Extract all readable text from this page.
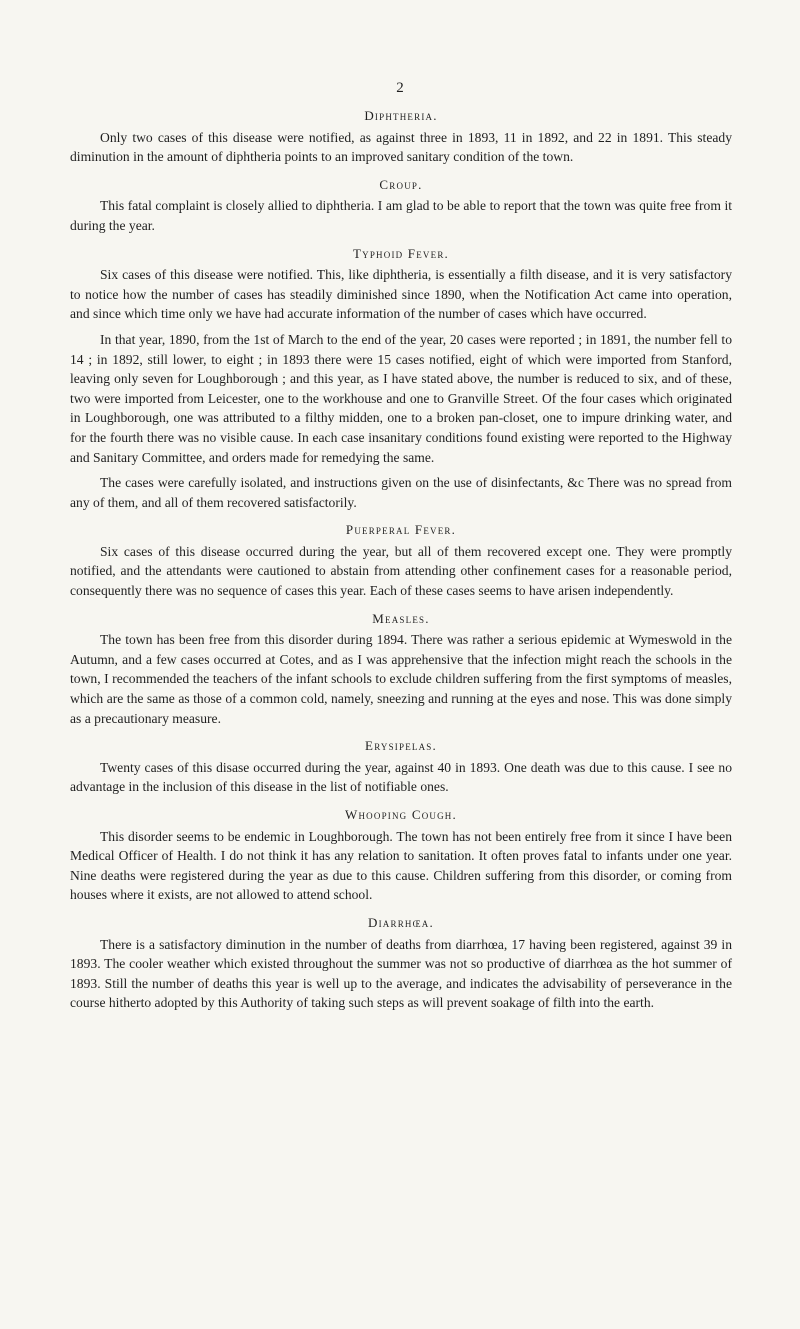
2
Diphtheria.

Only two cases of this disease were notified, as against three in 1893, 11 in 1892, and 22 in 1891. This steady diminution in the amount of diphtheria points to an improved sanitary condition of the town.

Croup.

This fatal complaint is closely allied to diphtheria. I am glad to be able to report that the town was quite free from it during the year.

Typhoid Fever.

Six cases of this disease were notified. This, like diphtheria, is essentially a filth disease, and it is very satisfactory to notice how the number of cases has steadily diminished since 1890, when the Notification Act came into operation, and since which time only we have had accurate information of the number of cases which have occurred.

In that year, 1890, from the 1st of March to the end of the year, 20 cases were reported ; in 1891, the number fell to 14 ; in 1892, still lower, to eight ; in 1893 there were 15 cases notified, eight of which were imported from Stanford, leaving only seven for Loughborough ; and this year, as I have stated above, the number is reduced to six, and of these, two were imported from Leicester, one to the workhouse and one to Granville Street. Of the four cases which originated in Loughborough, one was attributed to a filthy midden, one to a broken pan-closet, one to impure drinking water, and for the fourth there was no visible cause. In each case insanitary conditions found existing were reported to the Highway and Sanitary Committee, and orders made for remedying the same.

The cases were carefully isolated, and instructions given on the use of disinfectants, &c There was no spread from any of them, and all of them recovered satisfactorily.

Puerperal Fever.

Six cases of this disease occurred during the year, but all of them recovered except one. They were promptly notified, and the attendants were cautioned to abstain from attending other confinement cases for a reasonable period, consequently there was no sequence of cases this year. Each of these cases seems to have arisen independently.

Measles.

The town has been free from this disorder during 1894. There was rather a serious epidemic at Wymeswold in the Autumn, and a few cases occurred at Cotes, and as I was apprehensive that the infection might reach the schools in the town, I recommended the teachers of the infant schools to exclude children suffering from the first symptoms of measles, which are the same as those of a common cold, namely, sneezing and running at the eyes and nose. This was done simply as a precautionary measure.

Erysipelas.

Twenty cases of this disase occurred during the year, against 40 in 1893. One death was due to this cause. I see no advantage in the inclusion of this disease in the list of notifiable ones.

Whooping Cough.

This disorder seems to be endemic in Loughborough. The town has not been entirely free from it since I have been Medical Officer of Health. I do not think it has any relation to sanitation. It often proves fatal to infants under one year. Nine deaths were registered during the year as due to this cause. Children suffering from this disorder, or coming from houses where it exists, are not allowed to attend school.

Diarrhœa.

There is a satisfactory diminution in the number of deaths from diarrhœa, 17 having been registered, against 39 in 1893. The cooler weather which existed throughout the summer was not so productive of diarrhœa as the hot summer of 1893. Still the number of deaths this year is well up to the average, and indicates the advisability of perseverance in the course hitherto adopted by this Authority of taking such steps as will prevent soakage of filth into the earth.
